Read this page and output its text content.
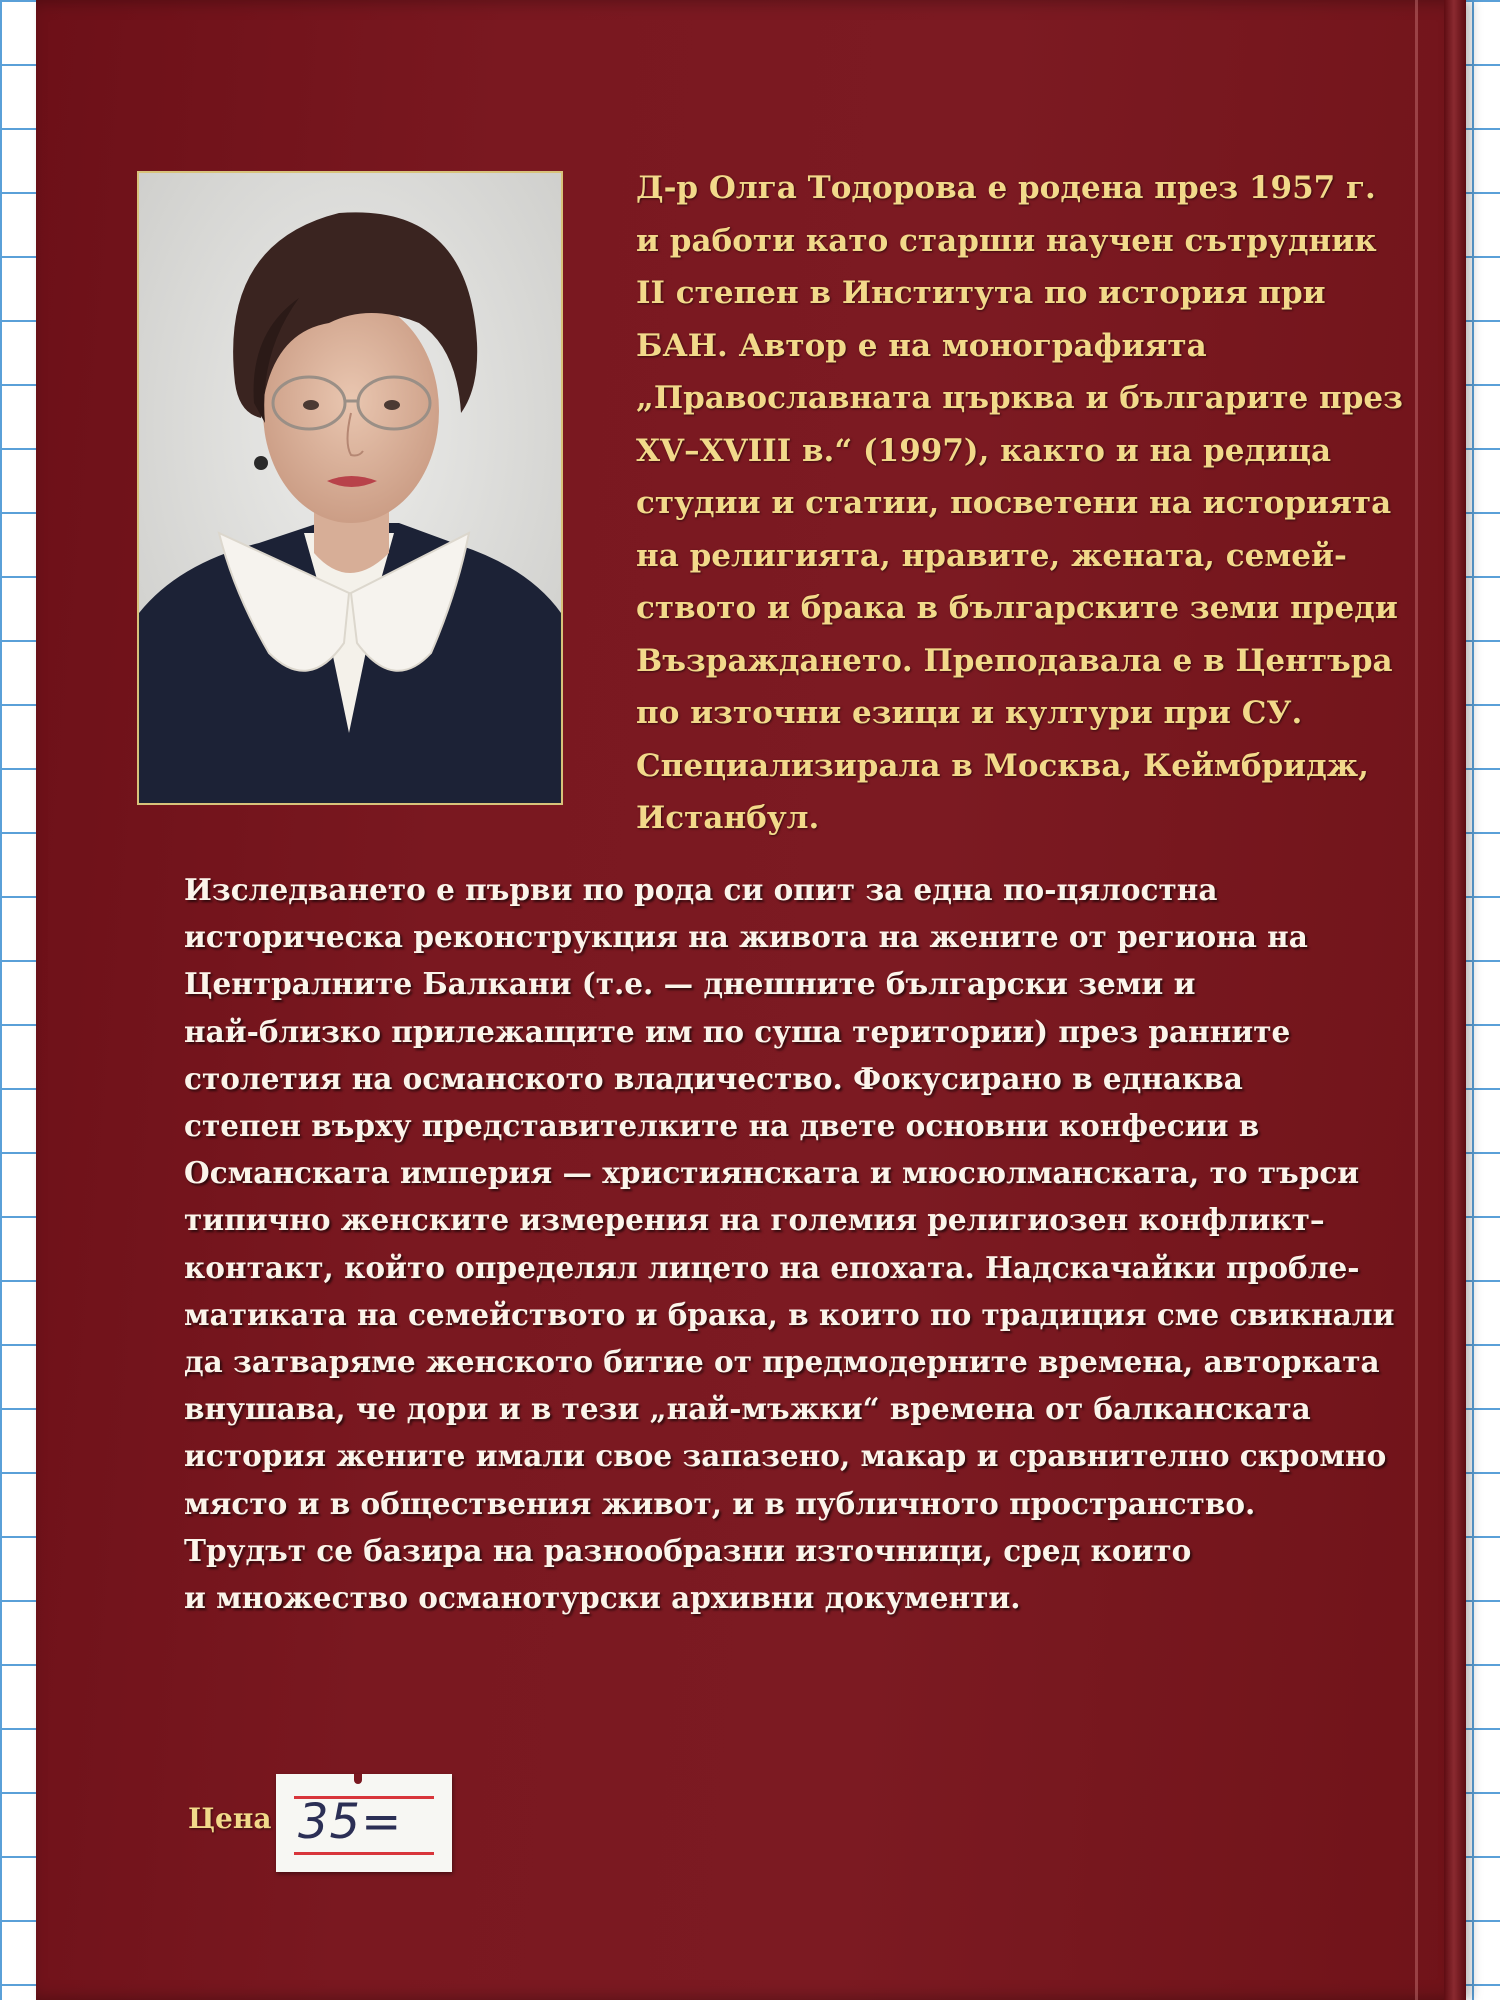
Д-р Олга Тодорова е родена през 1957 г.
и работи като старши научен сътрудник
II степен в Института по история при
БАН. Автор е на монографията
„Православната църква и българите през
XV–XVIII в.“ (1997), както и на редица
студии и статии, посветени на историята
на религията, нравите, жената, семей-
ството и брака в българските земи преди
Възраждането. Преподавала е в Центъра
по източни езици и култури при СУ.
Специализирала в Москва, Кеймбридж,
Истанбул.
Изследването е първи по рода си опит за една по-цялостна
историческа реконструкция на живота на жените от региона на
Централните Балкани (т.е. — днешните български земи и
най-близко прилежащите им по суша територии) през ранните
столетия на османското владичество. Фокусирано в еднаква
степен върху представителките на двете основни конфесии в
Османската империя — християнската и мюсюлманската, то търси
типично женските измерения на големия религиозен конфликт–
контакт, който определял лицето на епохата. Надскачайки пробле-
матиката на семейството и брака, в които по традиция сме свикнали
да затваряме женското битие от предмодерните времена, авторката
внушава, че дори и в тези „най-мъжки“ времена от балканската
история жените имали свое запазено, макар и сравнително скромно
място и в обществения живот, и в публичното пространство.
Трудът се базира на разнообразни източници, сред които
и множество османотурски архивни документи.
Цена 35=
